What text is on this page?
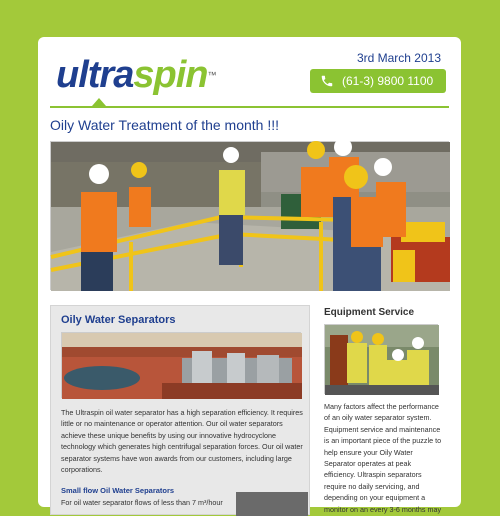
ultraspin™
3rd March 2013
(61-3) 9800 1100
Oily Water Treatment of the month !!!
Oily Water Separators
The Ultraspin oil water separator has a high separation efficiency. It requires little or no maintenance or operator attention. Our oil water separators achieve these unique benefits by using our innovative hydrocyclone technology which generates high centrifugal separation forces. Our oil water separator systems have won awards from our customers, including large corporations.
Small flow Oil Water Separators
For oil water separator flows of less than 7 m³/hour
Equipment Service
Many factors affect the performance of an oily water separator system. Equipment service and maintenance is an important piece of the puzzle to help ensure your Oily Water Separator operates at peak efficiency. Ultraspin separators require no daily servicing, and depending on your equipment a monitor on an every 3-6 months may
